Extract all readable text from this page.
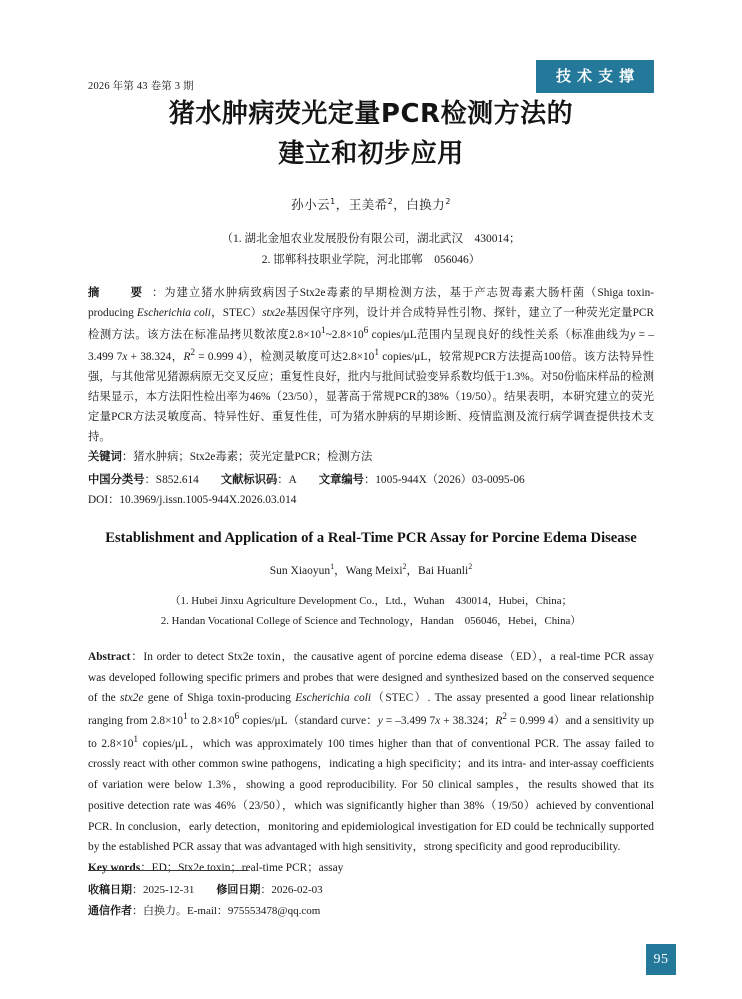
2026 年第 43 卷第 3 期
技术支撑
猪水肿病荧光定量PCR检测方法的
建立和初步应用
孙小云$^1$，王美希$^2$，白换力$^2$
（1. 湖北金旭农业发展股份有限公司，湖北武汉　430014；
2. 邯郸科技职业学院，河北邯郸　056046）

摘　要：为建立猪水肿病致病因子Stx2e毒素的早期检测方法，基于产志贺毒素大肠杆菌（Shiga toxin-producing Escherichia coli，STEC）stx2e基因保守序列，设计并合成特异性引物、探针，建立了一种荧光定量PCR检测方法。该方法在标准品拷贝数浓度$2.8\times 10^1\sim 2.8\times 10^6$ copies/μL范围内呈现良好的线性关系（标准曲线为y = –3.499 7x + 38.324，$R^2 = 0.999$ 4），检测灵敏度可达$2.8\times 10^1$ copies/μL，较常规PCR方法提高100倍。该方法特异性强，与其他常见猪源病原无交叉反应；重复性良好，批内与批间试验变异系数均低于1.3%。对50份临床样品的检测结果显示，本方法阳性检出率为46%（23/50），显著高于常规PCR的38%（19/50）。结果表明，本研究建立的荧光定量PCR方法灵敏度高、特异性好、重复性佳，可为猪水肿病的早期诊断、疫情监测及流行病学调查提供技术支持。

关键词：猪水肿病；Stx2e毒素；荧光定量PCR；检测方法

中国分类号：S852.614 文献标识码：A 文章编号：1005-944X（2026）03-0095-06

DOI：10.3969/j.issn.1005-944X.2026.03.014

Establishment and Application of a Real-Time PCR Assay for Porcine Edema Disease
Sun Xiaoyun$^1$，Wang Meixi$^2$，Bai Huanli$^2$
（1. Hubei Jinxu Agriculture Development Co.，Ltd.，Wuhan　430014，Hubei，China；
2. Handan Vocational College of Science and Technology，Handan　056046，Hebei，China）

Abstract：In order to detect Stx2e toxin，the causative agent of porcine edema disease（ED），a real-time PCR assay was developed following specific primers and probes that were designed and synthesized based on the conserved sequence of the stx2e gene of Shiga toxin-producing Escherichia coli（STEC）. The assay presented a good linear relationship ranging from $2.8\times 10^1$ to $2.8\times 10^6$ copies/μL（standard curve：y = –3.499 7x + 38.324；$R^2 = 0.999$ 4）and a sensitivity up to $2.8\times 10^1$ copies/μL，which was approximately 100 times higher than that of conventional PCR. The assay failed to crossly react with other common swine pathogens，indicating a high specificity；and its intra- and inter-assay coefficients of variation were below 1.3%，showing a good reproducibility. For 50 clinical samples，the results showed that its positive detection rate was 46%（23/50），which was significantly higher than 38%（19/50）achieved by conventional PCR. In conclusion，early detection，monitoring and epidemiological investigation for ED could be technically supported by the established PCR assay that was advantaged with high sensitivity，strong specificity and good reproducibility.

Key words：ED；Stx2e toxin；real-time PCR；assay

收稿日期：2025-12-31 修回日期：2026-02-03
通信作者：白换力。E-mail：975553478@qq.com
95
